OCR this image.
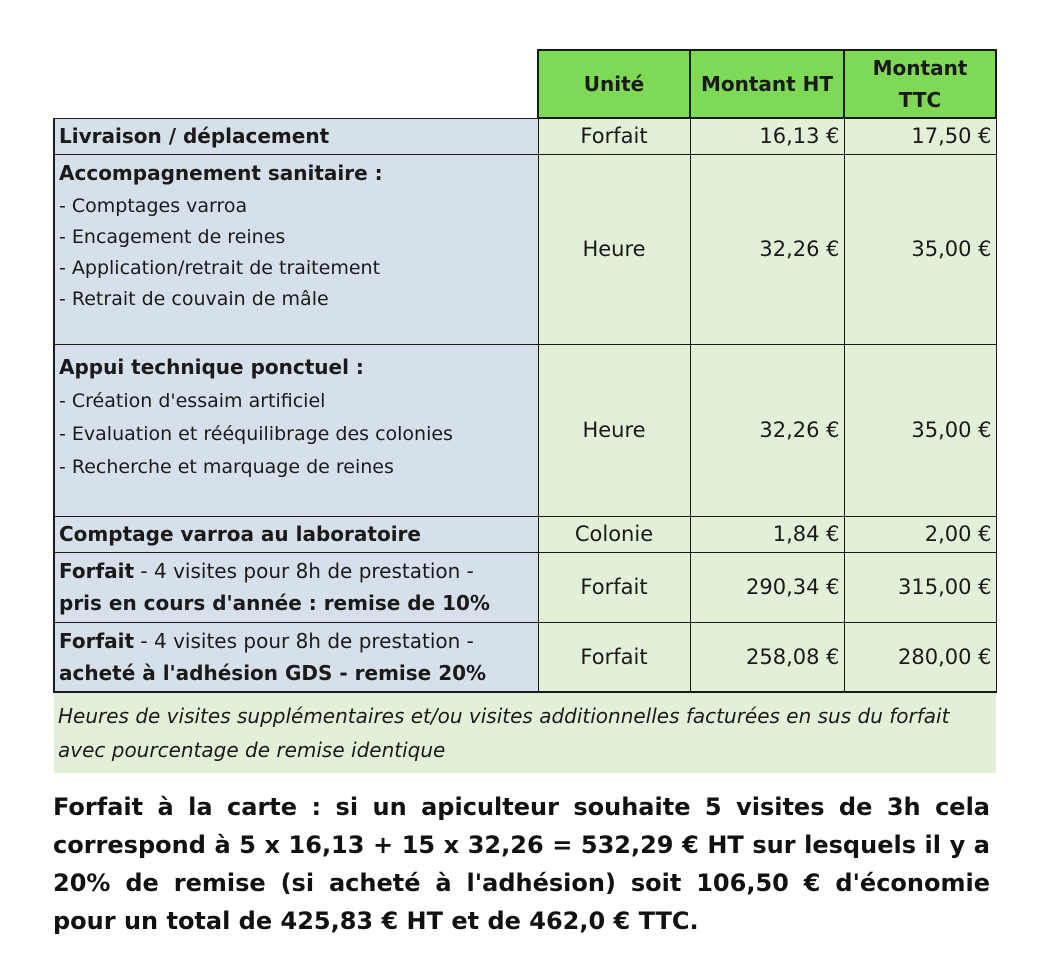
	Unité	Montant HT	Montant
TTC

Livraison / déplacement	Forfait	16,13 €	17,50 €

Accompagnement sanitaire :
- Comptages varroa
- Encagement de reines
- Application/retrait de traitement
- Retrait de couvain de mâle	Heure	32,26 €	35,00 €

Appui technique ponctuel :
- Création d'essaim artificiel
- Evaluation et rééquilibrage des colonies
- Recherche et marquage de reines	Heure	32,26 €	35,00 €

Comptage varroa au laboratoire	Colonie	1,84 €	2,00 €

Forfait - 4 visites pour 8h de prestation -
pris en cours d'année : remise de 10%	Forfait	290,34 €	315,00 €

Forfait - 4 visites pour 8h de prestation -
acheté à l'adhésion GDS - remise 20%	Forfait	258,08 €	280,00 €
Heures de visites supplémentaires et/ou visites additionnelles facturées en sus du forfait avec pourcentage de remise identique			
Forfait à la carte : si un apiculteur souhaite 5 visites de 3h cela correspond à 5 x 16,13 + 15 x 32,26 = 532,29 € HT sur lesquels il y a 20% de remise (si acheté à l'adhésion) soit 106,50 € d'économie pour un total de 425,83 € HT et de 462,0 € TTC.
